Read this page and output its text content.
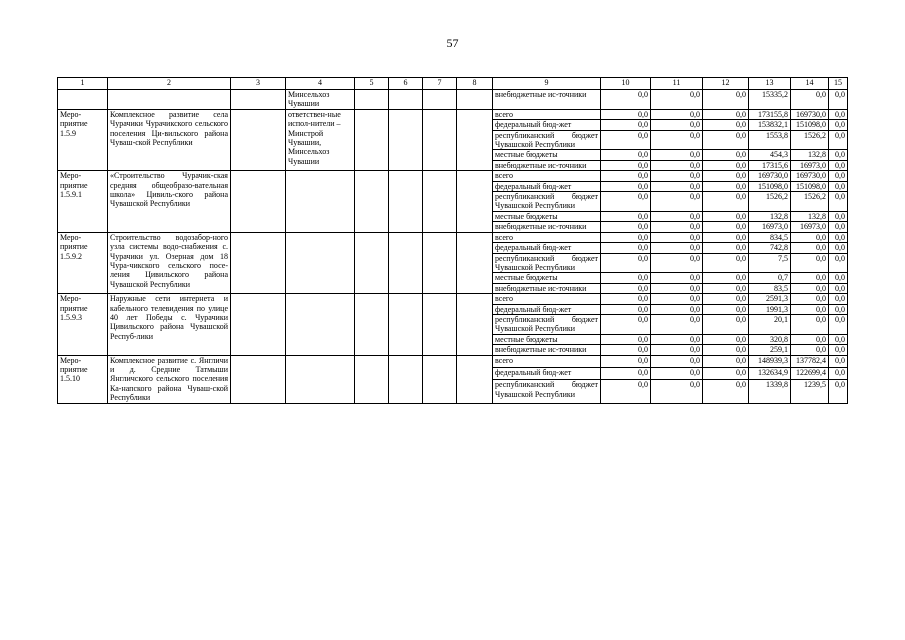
57
1	2	3	4	5	6	7	8	9	10	11	12	13	14	15
			Минсельхоз Чувашии					внебюджетные ис-точники	0,0	0,0	0,0	15335,2	0,0	0,0
Меро-приятие 1.5.9	Комплексное развитие села Чурачики Чурачикского сельского поселения Ци-вильского района Чуваш-ской Республики		ответствен-ные испол-нители – Минстрой Чувашии, Минсельхоз Чувашии					всего	0,0	0,0	0,0	173155,8	169730,0	0,0
								федеральный бюд-жет	0,0	0,0	0,0	153832,1	151098,0	0,0
								республиканский бюджет Чувашской Республики	0,0	0,0	0,0	1553,8	1526,2	0,0
								местные бюджеты	0,0	0,0	0,0	454,3	132,8	0,0
								внебюджетные ис-точники	0,0	0,0	0,0	17315,6	16973,0	0,0
Меро-приятие 1.5.9.1	«Строительство Чурачик-ская средняя общеобразо-вательная школа» Цивиль-ского района Чувашской Республики							всего	0,0	0,0	0,0	169730,0	169730,0	0,0
								федеральный бюд-жет	0,0	0,0	0,0	151098,0	151098,0	0,0
								республиканский бюджет Чувашской Республики	0,0	0,0	0,0	1526,2	1526,2	0,0
								местные бюджеты	0,0	0,0	0,0	132,8	132,8	0,0
								внебюджетные ис-точники	0,0	0,0	0,0	16973,0	16973,0	0,0
Меро-приятие 1.5.9.2	Строительство водозабор-ного узла системы водо-снабжения с. Чурачики ул. Озерная дом 18 Чура-чикского сельского посе-ления Цивильского района Чувашской Республики							всего	0,0	0,0	0,0	834,5	0,0	0,0
								федеральный бюд-жет	0,0	0,0	0,0	742,8	0,0	0,0
								республиканский бюджет Чувашской Республики	0,0	0,0	0,0	7,5	0,0	0,0
								местные бюджеты	0,0	0,0	0,0	0,7	0,0	0,0
								внебюджетные ис-точники	0,0	0,0	0,0	83,5	0,0	0,0
Меро-приятие 1.5.9.3	Наружные сети интернета и кабельного телевидения по улице 40 лет Победы с. Чурачики Цивильского района Чувашской Респуб-лики							всего	0,0	0,0	0,0	2591,3	0,0	0,0
								федеральный бюд-жет	0,0	0,0	0,0	1991,3	0,0	0,0
								республиканский бюджет Чувашской Республики	0,0	0,0	0,0	20,1	0,0	0,0
								местные бюджеты	0,0	0,0	0,0	320,8	0,0	0,0
								внебюджетные ис-точники	0,0	0,0	0,0	259,1	0,0	0,0
Меро-приятие 1.5.10	Комплексное развитие с. Янгличи и д. Средние Татмыши Янгличского сельского поселения Ка-напского района Чуваш-ской Республики							всего	0,0	0,0	0,0	148939,3	137782,4	0,0
								федеральный бюд-жет	0,0	0,0	0,0	132634,9	122699,4	0,0
								республиканский бюджет Чувашской Республики	0,0	0,0	0,0	1339,8	1239,5	0,0
